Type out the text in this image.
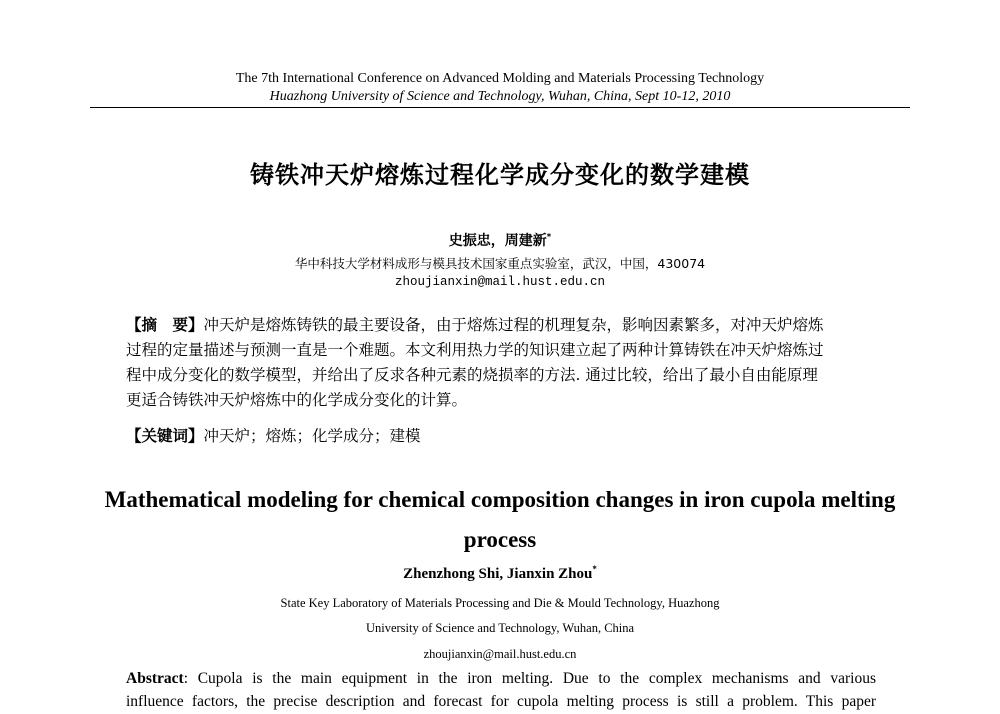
The 7th International Conference on Advanced Molding and Materials Processing Technology
Huazhong University of Science and Technology, Wuhan, China, Sept 10-12, 2010
铸铁冲天炉熔炼过程化学成分变化的数学建模
史振忠，周建新*
华中科技大学材料成形与模具技术国家重点实验室，武汉，中国，430074
zhoujianxin@mail.hust.edu.cn
【摘　要】冲天炉是熔炼铸铁的最主要设备，由于熔炼过程的机理复杂，影响因素繁多，对冲天炉熔炼
过程的定量描述与预测一直是一个难题。本文利用热力学的知识建立起了两种计算铸铁在冲天炉熔炼过
程中成分变化的数学模型，并给出了反求各种元素的烧损率的方法. 通过比较，给出了最小自由能原理
更适合铸铁冲天炉熔炼中的化学成分变化的计算。
【关键词】冲天炉；熔炼；化学成分；建模
Mathematical modeling for chemical composition changes in iron cupola melting
process
Zhenzhong Shi, Jianxin Zhou*
State Key Laboratory of Materials Processing and Die & Mould Technology, Huazhong
University of Science and Technology, Wuhan, China
zhoujianxin@mail.hust.edu.cn
Abstract: Cupola is the main equipment in the iron melting. Due to the complex mechanisms and various
influence factors, the precise description and forecast for cupola melting process is still a problem. This paper
